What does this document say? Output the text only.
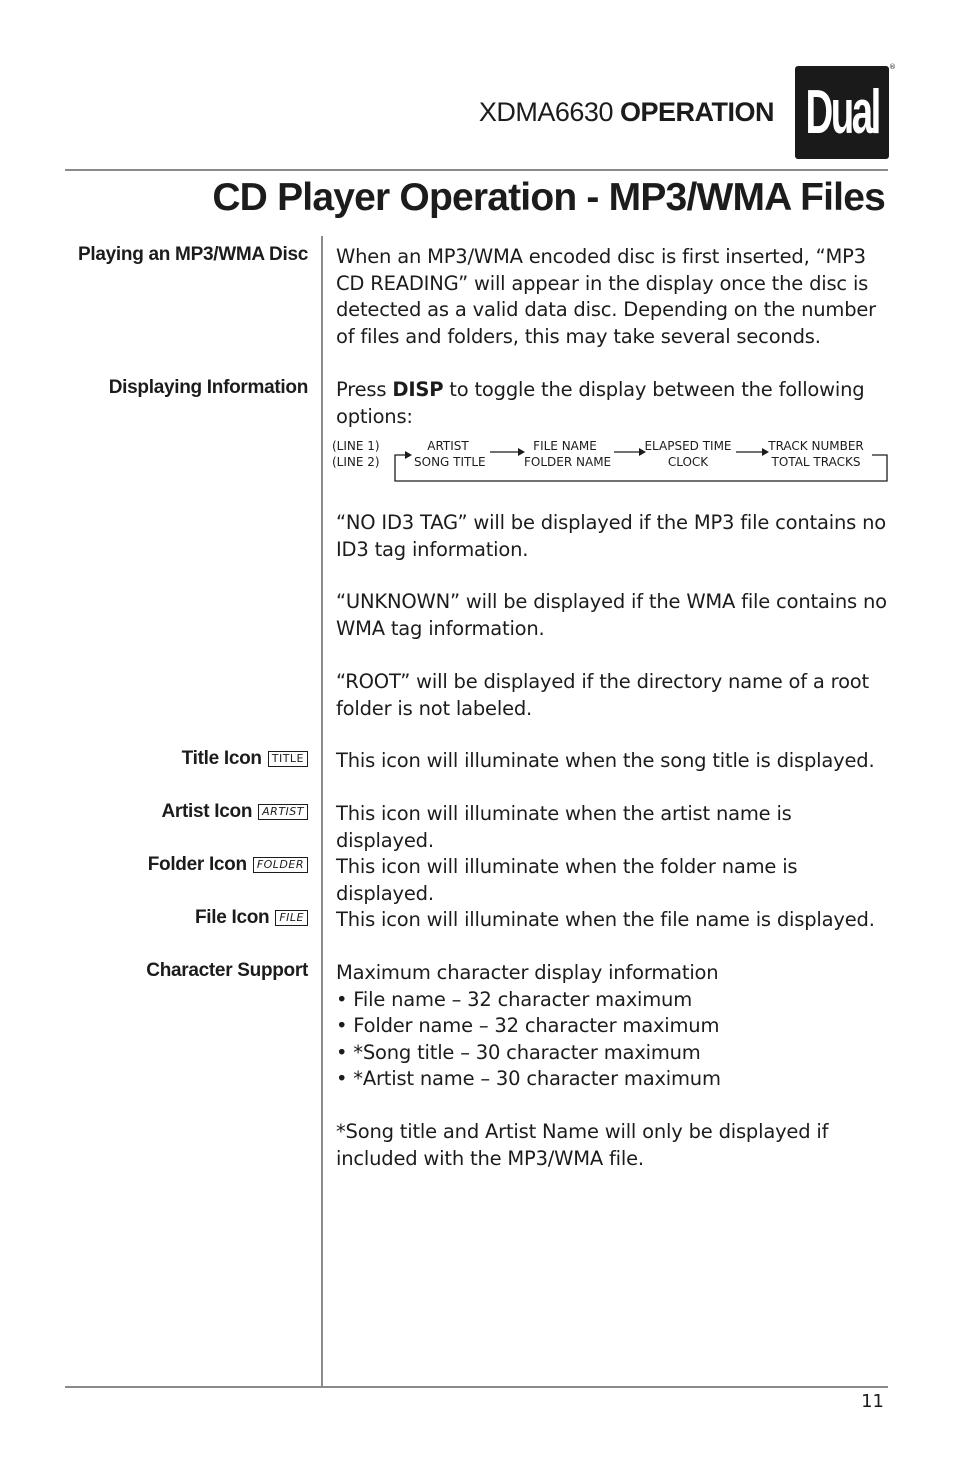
XDMA6630 OPERATION Dual
®
CD Player Operation - MP3/WMA Files
Playing an MP3/WMA Disc When an MP3/WMA encoded disc is first inserted, “MP3 CD READING” will appear in the display once the disc is detected as a valid data disc. Depending on the number of files and folders, this may take several seconds.

Displaying Information Press DISP to toggle the display between the following options:

(LINE 1)
(LINE 2)
ARTIST
SONG TITLE
FILE NAME
FOLDER NAME
ELAPSED TIME
CLOCK
TRACK NUMBER
TOTAL TRACKS

“NO ID3 TAG” will be displayed if the MP3 file contains no ID3 tag information.

“UNKNOWN” will be displayed if the WMA file contains no WMA tag information.

“ROOT” will be displayed if the directory name of a root folder is not labeled.

Title Icon TITLE This icon will illuminate when the song title is displayed.

Artist Icon ARTIST This icon will illuminate when the artist name is displayed.

Folder Icon FOLDER This icon will illuminate when the folder name is displayed.

File Icon FILE This icon will illuminate when the file name is displayed.

Character Support Maximum character display information

• File name – 32 character maximum

• Folder name – 32 character maximum

• *Song title – 30 character maximum

• *Artist name – 30 character maximum

*Song title and Artist Name will only be displayed if included with the MP3/WMA file.

11
